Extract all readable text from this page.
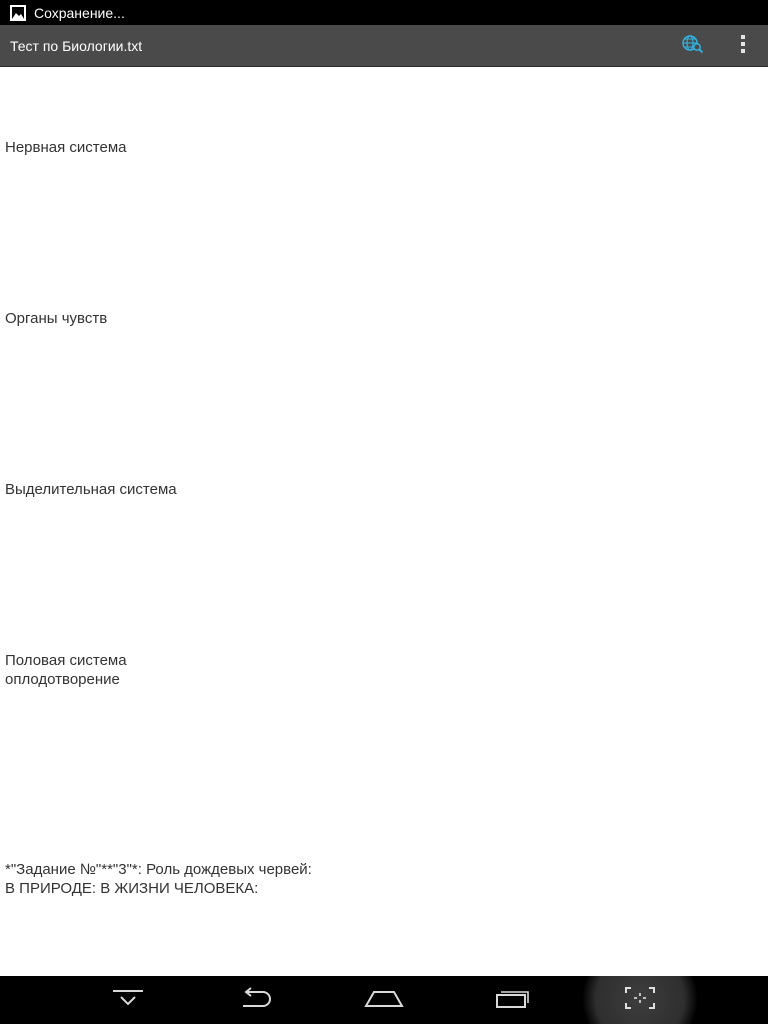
Сохранение...
Тест по Биологии.txt
Нервная система
Органы чувств
Выделительная система
Половая система
оплодотворение
*"Задание №"**"3"*: Роль дождевых червей:
В ПРИРОДЕ: В ЖИЗНИ ЧЕЛОВЕКА:
